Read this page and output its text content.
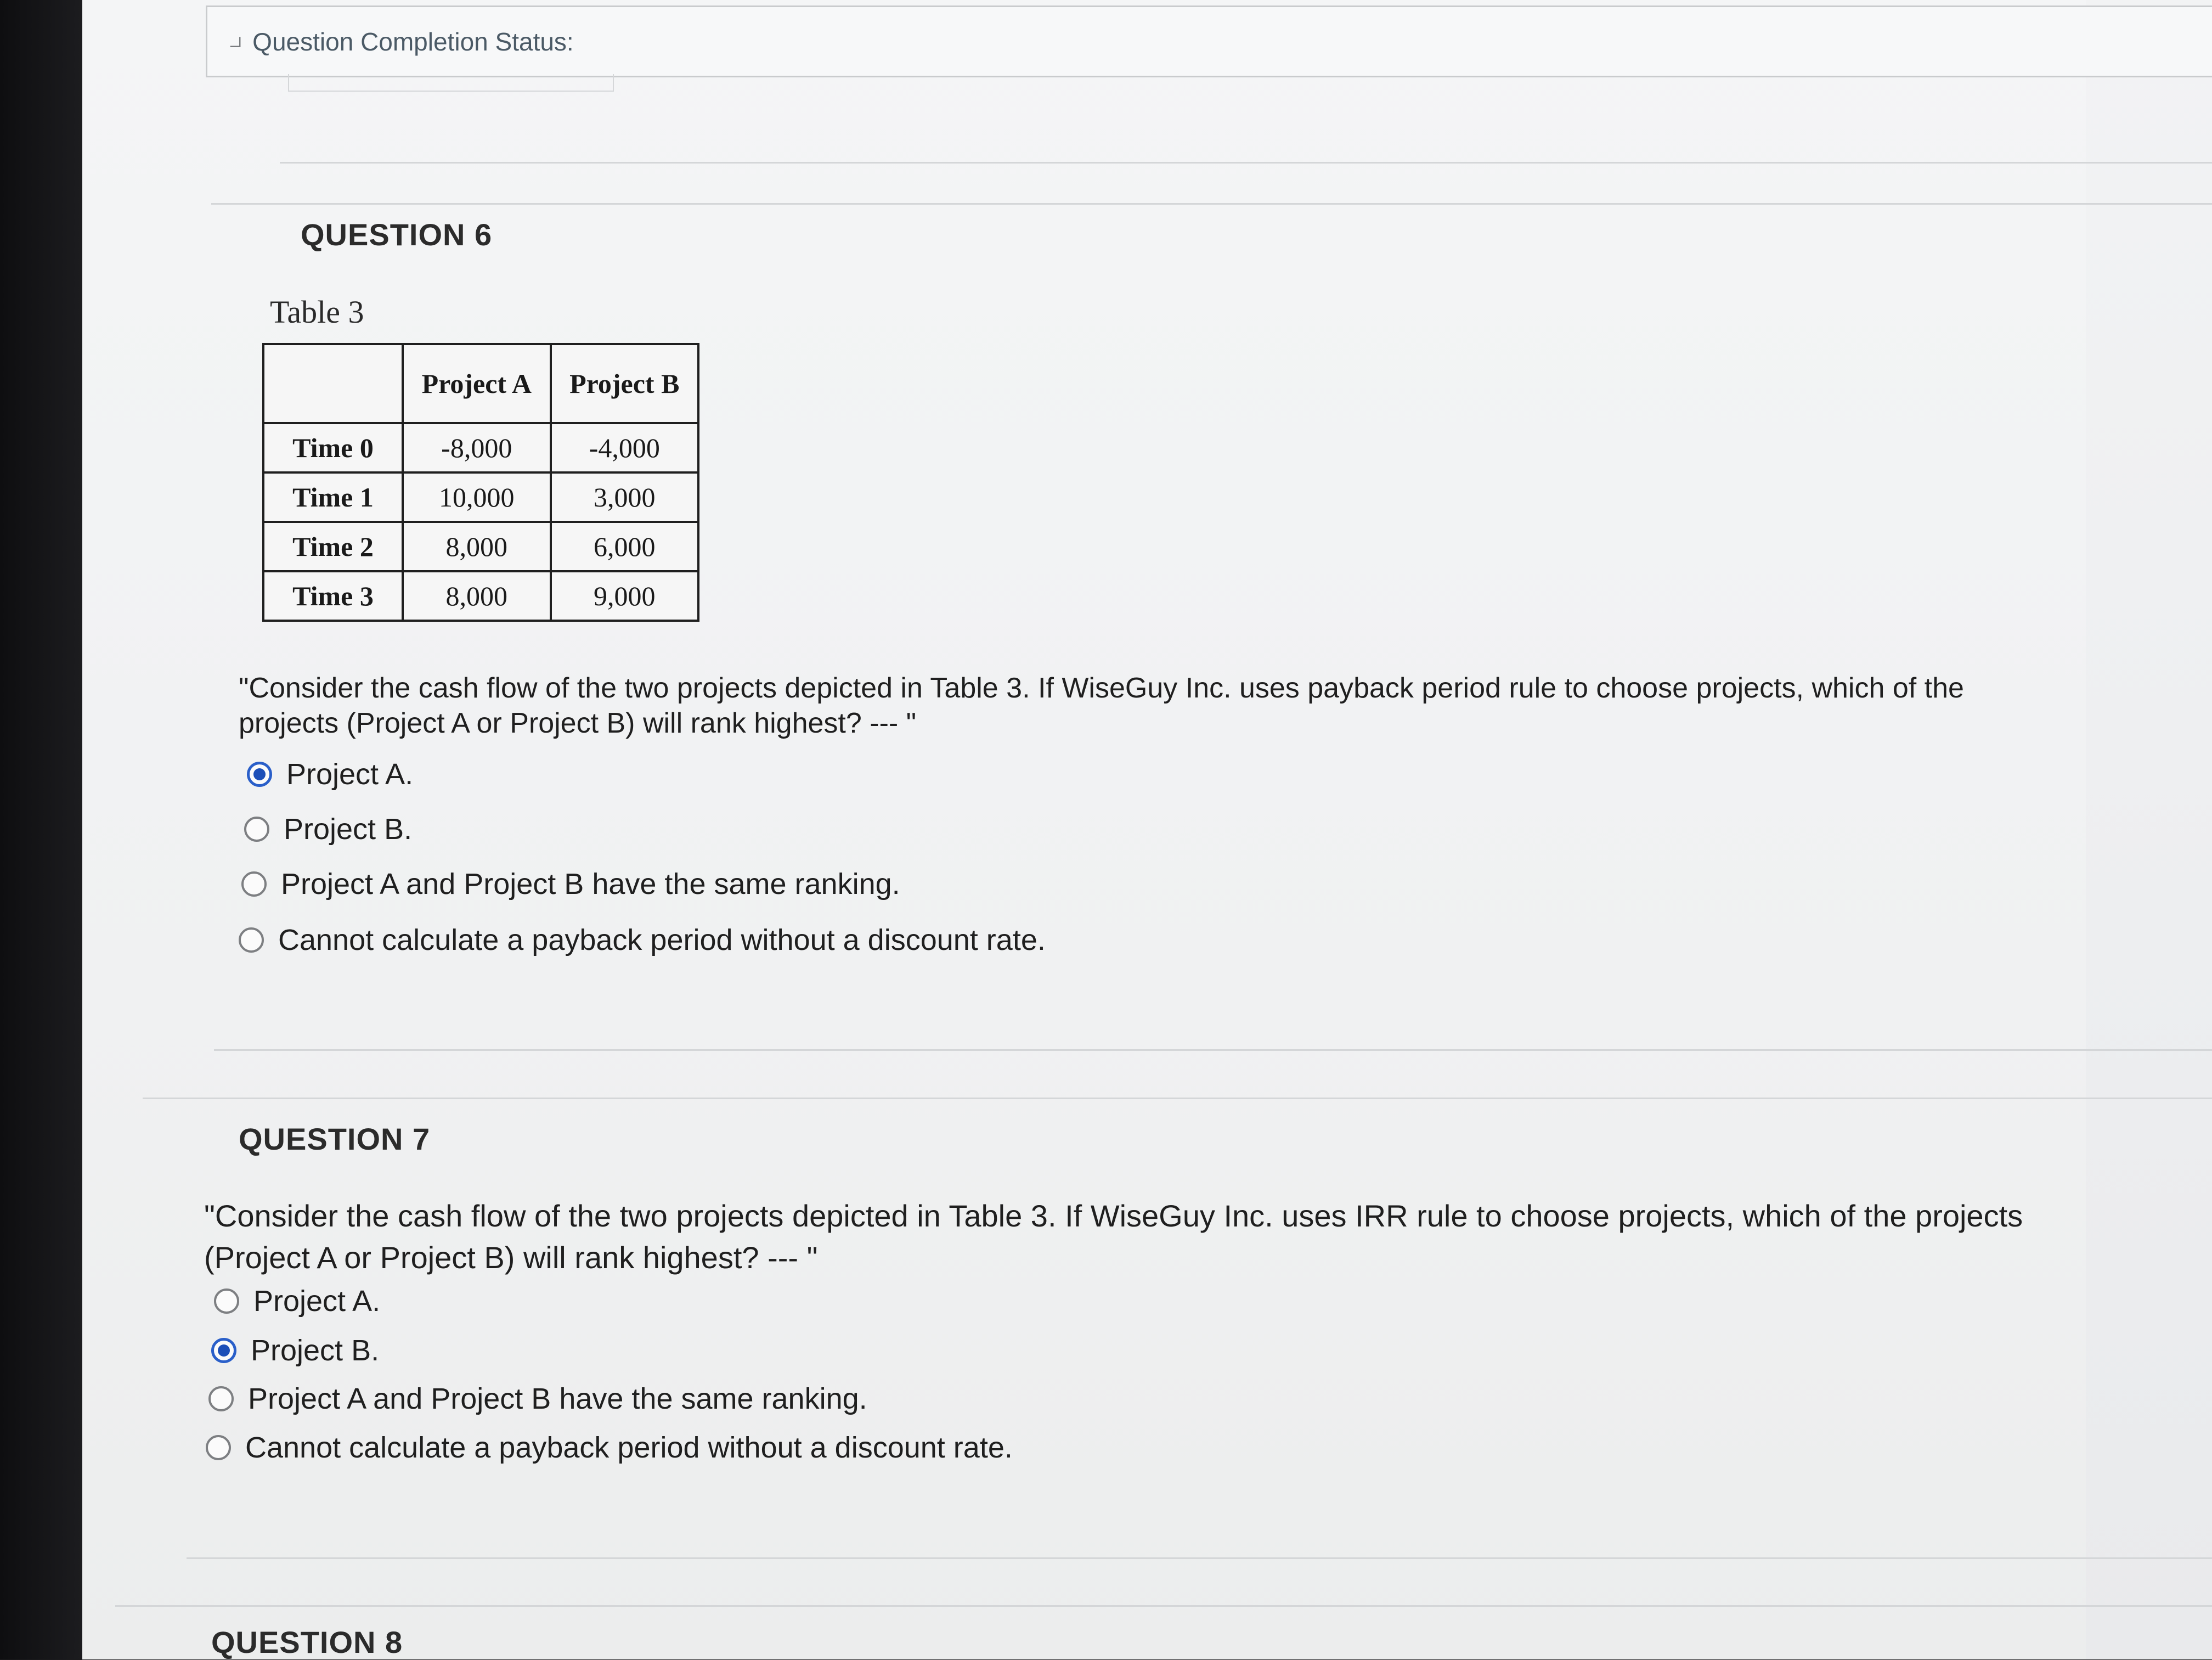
⯾ Question Completion Status:
QUESTION 6
Table 3
	Project A	Project B
Time 0	-8,000	-4,000
Time 1	10,000	3,000
Time 2	8,000	6,000
Time 3	8,000	9,000
"Consider the cash flow of the two projects depicted in Table 3. If WiseGuy Inc. uses payback period rule to choose projects, which of the
projects (Project A or Project B) will rank highest? --- "
Project A.
Project B.
Project A and Project B have the same ranking.
Cannot calculate a payback period without a discount rate.
QUESTION 7
"Consider the cash flow of the two projects depicted in Table 3. If WiseGuy Inc. uses IRR rule to choose projects, which of the projects
(Project A or Project B) will rank highest? --- "
Project A.
Project B.
Project A and Project B have the same ranking.
Cannot calculate a payback period without a discount rate.
QUESTION 8
